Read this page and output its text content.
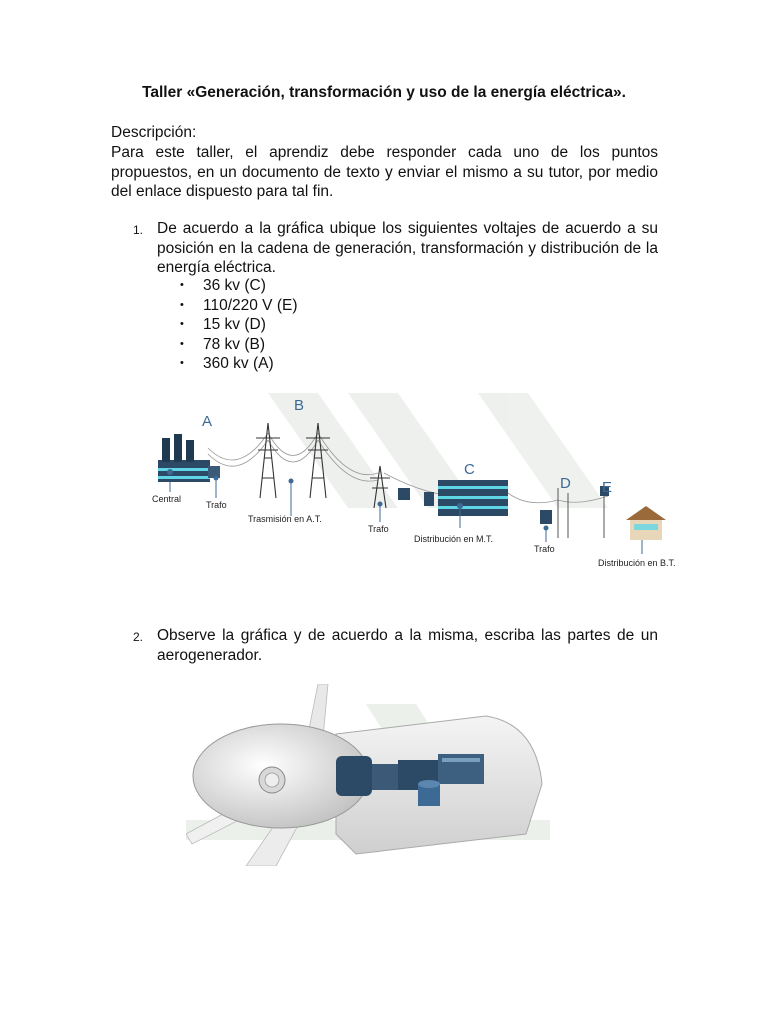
Taller «Generación, transformación y uso de la energía eléctrica».
Descripción:
Para este taller, el aprendiz debe responder cada uno de los puntos propuestos, en un documento de texto y enviar el mismo a su tutor, por medio del enlace dispuesto para tal fin.
1. De acuerdo a la gráfica ubique los siguientes voltajes de acuerdo a su posición en la cadena de generación, transformación y distribución de la energía eléctrica.
• 36 kv (C)
• 110/220 V (E)
• 15 kv (D)
• 78 kv (B)
• 360 kv (A)
A
B
C
D E
Central
Trafo
Trasmisión en A.T.
Trafo
Distribución en M.T.
Trafo
Distribución en B.T.
2. Observe la gráfica y de acuerdo a la misma, escriba las partes de un aerogenerador.
